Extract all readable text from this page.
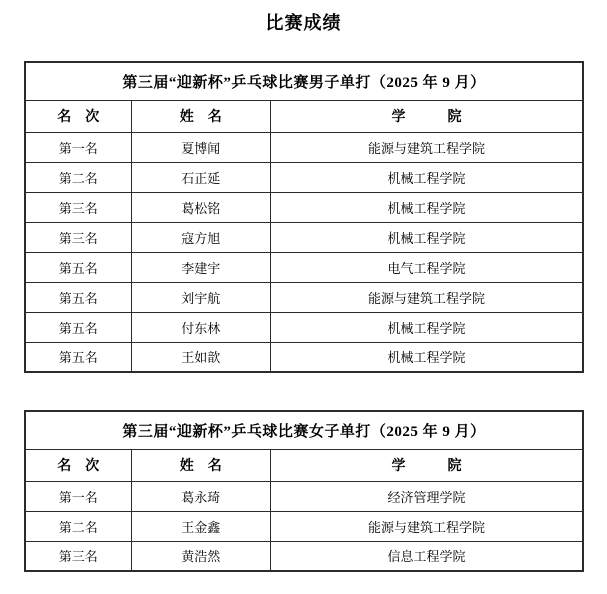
比赛成绩
第三届“迎新杯”乒乓球比赛男子单打（2025 年 9 月）		
名　次	姓　名	学　　　院
第一名	夏博闻	能源与建筑工程学院
第二名	石正延	机械工程学院
第三名	葛松铭	机械工程学院
第三名	寇方旭	机械工程学院
第五名	李建宇	电气工程学院
第五名	刘宇航	能源与建筑工程学院
第五名	付东林	机械工程学院
第五名	王如歆	机械工程学院
第三届“迎新杯”乒乓球比赛女子单打（2025 年 9 月）		
名　次	姓　名	学　　　院
第一名	葛永琦	经济管理学院
第二名	王金鑫	能源与建筑工程学院
第三名	黄浩然	信息工程学院
